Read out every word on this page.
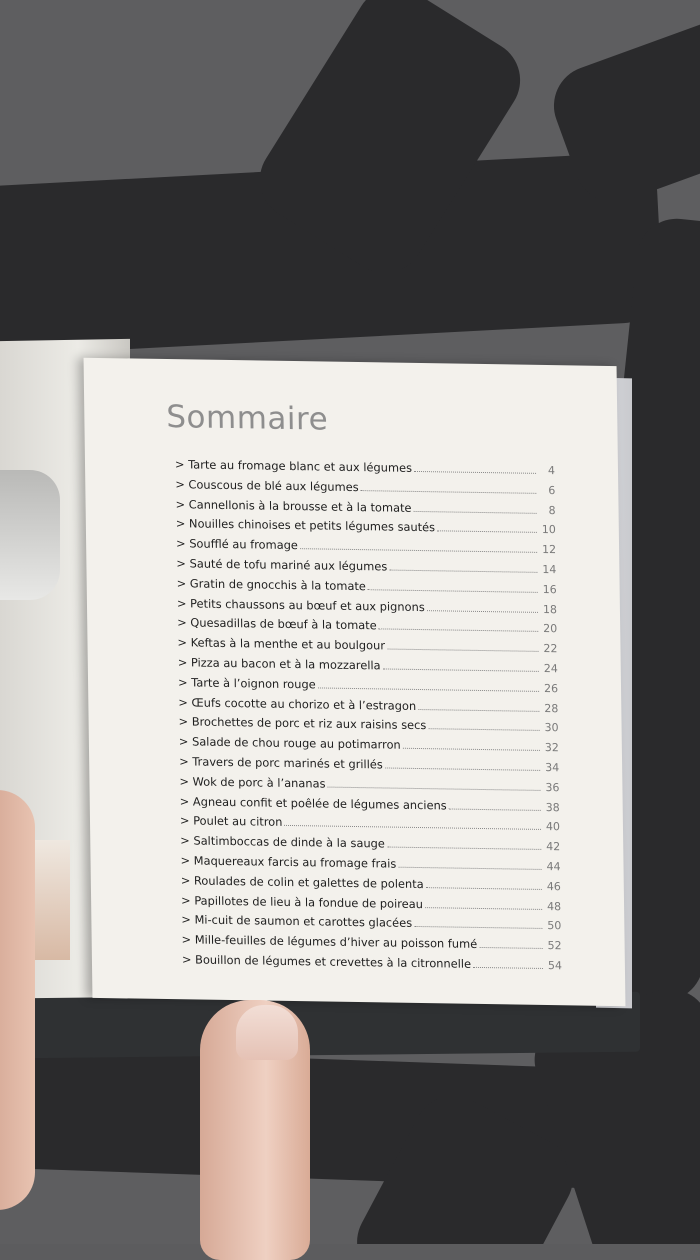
Sommaire
> Tarte au fromage blanc et aux légumes	4
> Couscous de blé aux légumes	6
> Cannellonis à la brousse et à la tomate	8
> Nouilles chinoises et petits légumes sautés	10
> Soufflé au fromage	12
> Sauté de tofu mariné aux légumes	14
> Gratin de gnocchis à la tomate	16
> Petits chaussons au bœuf et aux pignons	18
> Quesadillas de bœuf à la tomate	20
> Keftas à la menthe et au boulgour	22
> Pizza au bacon et à la mozzarella	24
> Tarte à l’oignon rouge	26
> Œufs cocotte au chorizo et à l’estragon	28
> Brochettes de porc et riz aux raisins secs	30
> Salade de chou rouge au potimarron	32
> Travers de porc marinés et grillés	34
> Wok de porc à l’ananas	36
> Agneau confit et poêlée de légumes anciens	38
> Poulet au citron	40
> Saltimboccas de dinde à la sauge	42
> Maquereaux farcis au fromage frais	44
> Roulades de colin et galettes de polenta	46
> Papillotes de lieu à la fondue de poireau	48
> Mi-cuit de saumon et carottes glacées	50
> Mille-feuilles de légumes d’hiver au poisson fumé	52
> Bouillon de légumes et crevettes à la citronnelle	54
